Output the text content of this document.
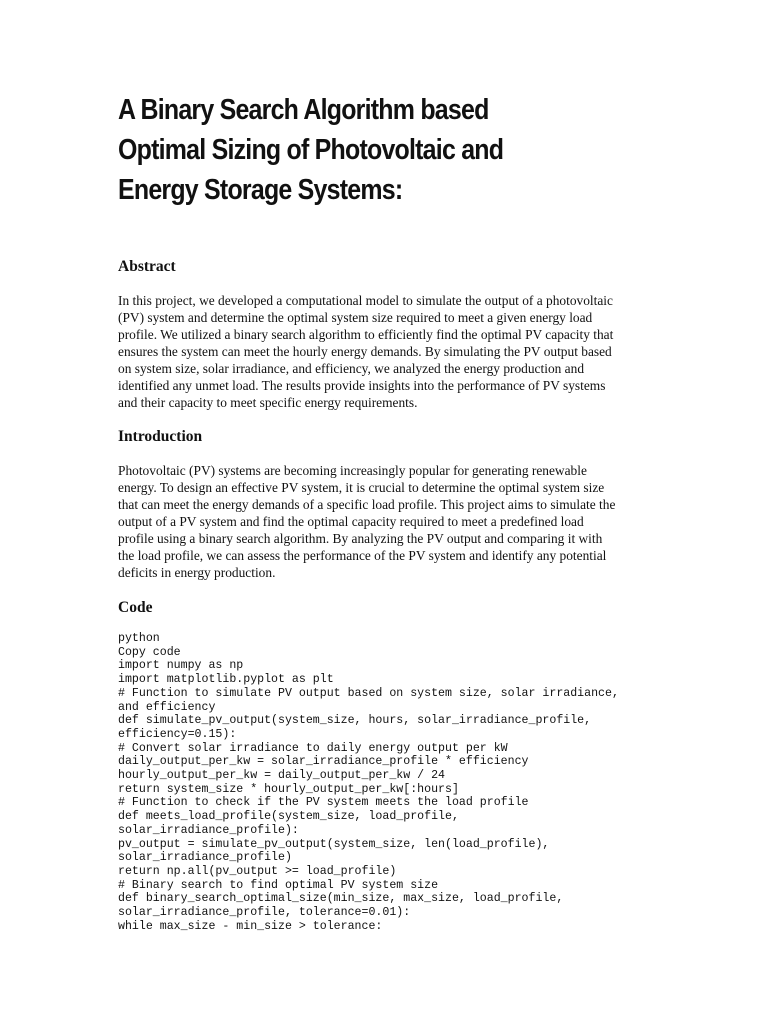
A Binary Search Algorithm based
Optimal Sizing of Photovoltaic and
Energy Storage Systems:
Abstract

In this project, we developed a computational model to simulate the output of a photovoltaic
(PV) system and determine the optimal system size required to meet a given energy load
profile. We utilized a binary search algorithm to efficiently find the optimal PV capacity that
ensures the system can meet the hourly energy demands. By simulating the PV output based
on system size, solar irradiance, and efficiency, we analyzed the energy production and
identified any unmet load. The results provide insights into the performance of PV systems
and their capacity to meet specific energy requirements.

Introduction

Photovoltaic (PV) systems are becoming increasingly popular for generating renewable
energy. To design an effective PV system, it is crucial to determine the optimal system size
that can meet the energy demands of a specific load profile. This project aims to simulate the
output of a PV system and find the optimal capacity required to meet a predefined load
profile using a binary search algorithm. By analyzing the PV output and comparing it with
the load profile, we can assess the performance of the PV system and identify any potential
deficits in energy production.

Code
python
Copy code
import numpy as np
import matplotlib.pyplot as plt
# Function to simulate PV output based on system size, solar irradiance,
and efficiency
def simulate_pv_output(system_size, hours, solar_irradiance_profile,
efficiency=0.15):
# Convert solar irradiance to daily energy output per kW
daily_output_per_kw = solar_irradiance_profile * efficiency
hourly_output_per_kw = daily_output_per_kw / 24
return system_size * hourly_output_per_kw[:hours]
# Function to check if the PV system meets the load profile
def meets_load_profile(system_size, load_profile,
solar_irradiance_profile):
pv_output = simulate_pv_output(system_size, len(load_profile),
solar_irradiance_profile)
return np.all(pv_output >= load_profile)
# Binary search to find optimal PV system size
def binary_search_optimal_size(min_size, max_size, load_profile,
solar_irradiance_profile, tolerance=0.01):
while max_size - min_size > tolerance:
